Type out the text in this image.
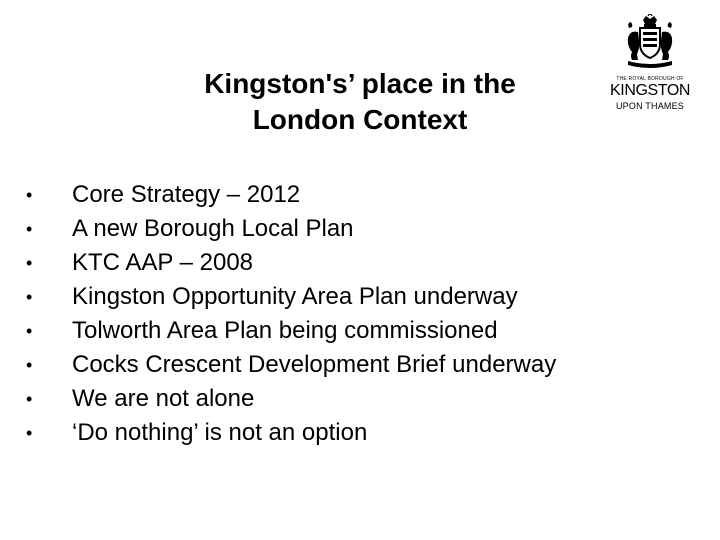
Kingston's’ place in the
London Context
THE ROYAL BOROUGH OF
KINGSTON
UPON THAMES
• Core Strategy – 2012
• A new Borough Local Plan
• KTC AAP – 2008
• Kingston Opportunity Area Plan underway
• Tolworth Area Plan being commissioned
• Cocks Crescent Development Brief underway
• We are not alone
• ‘Do nothing’ is not an option
